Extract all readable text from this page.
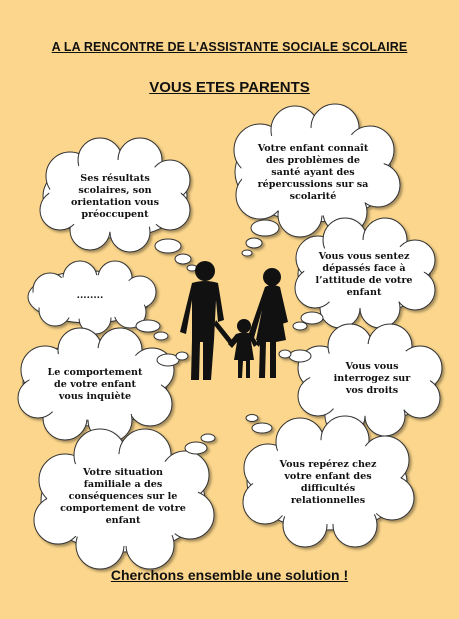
A LA RENCONTRE DE L’ASSISTANTE SOCIALE SCOLAIRE
VOUS ETES PARENTS
Ses résultats
scolaires, son
orientation vous
préoccupent
Votre enfant connaît
des problèmes de
santé ayant des
répercussions sur sa
scolarité
Vous vous sentez
dépassés face à
l’attitude de votre
enfant
........
Le comportement
de votre enfant
vous inquiète
Vous vous
interrogez sur
vos droits
Votre situation
familiale a des
conséquences sur le
comportement de votre
enfant
Vous repérez chez
votre enfant des
difficultés
relationnelles
Cherchons ensemble une solution !
